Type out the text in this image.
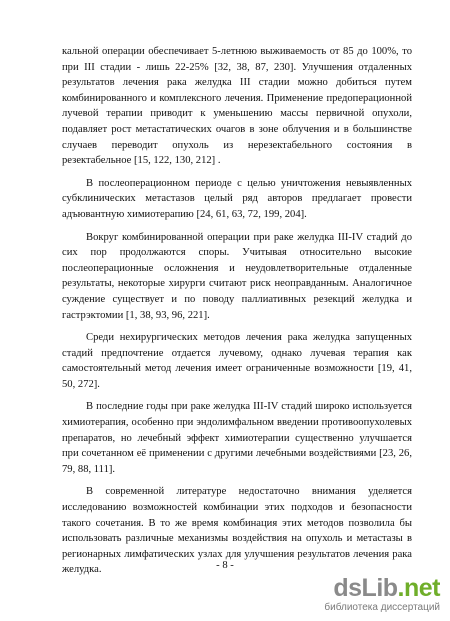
кальной операции обеспечивает 5-летнюю выживаемость от 85 до 100%, то при III стадии - лишь 22-25% [32, 38, 87, 230]. Улучшения отдаленных результатов лечения рака желудка III стадии можно добиться путем комбинированного и комплексного лечения. Применение предоперационной лучевой терапии приводит к уменьшению массы первичной опухоли, подавляет рост метастатических очагов в зоне облучения и в большинстве случаев переводит опухоль из нерезектабельного состояния в резектабельное [15, 122, 130, 212] .

В послеоперационном периоде с целью уничтожения невыявленных субклинических метастазов целый ряд авторов предлагает провести адъювантную химиотерапию [24, 61, 63, 72, 199, 204].

Вокруг комбинированной операции при раке желудка III-IV стадий до сих пор продолжаются споры. Учитывая относительно высокие послеоперационные осложнения и неудовлетворительные отдаленные результаты, некоторые хирурги считают риск неоправданным. Аналогичное суждение существует и по поводу паллиативных резекций желудка и гастрэктомии [1, 38, 93, 96, 221].

Среди нехирургических методов лечения рака желудка запущенных стадий предпочтение отдается лучевому, однако лучевая терапия как самостоятельный метод лечения имеет ограниченные возможности [19, 41, 50, 272].

В последние годы при раке желудка III-IV стадий широко используется химиотерапия, особенно при эндолимфальном введении противоопухолевых препаратов, но лечебный эффект химиотерапии существенно улучшается при сочетанном её применении с другими лечебными воздействиями [23, 26, 79, 88, 111].

В современной литературе недостаточно внимания уделяется исследованию возможностей комбинации этих подходов и безопасности такого сочетания. В то же время комбинация этих методов позволила бы использовать различные механизмы воздействия на опухоль и метастазы в регионарных лимфатических узлах для улучшения результатов лечения рака желудка.	- 8 -
dsLib .net
библиотека диссертаций
